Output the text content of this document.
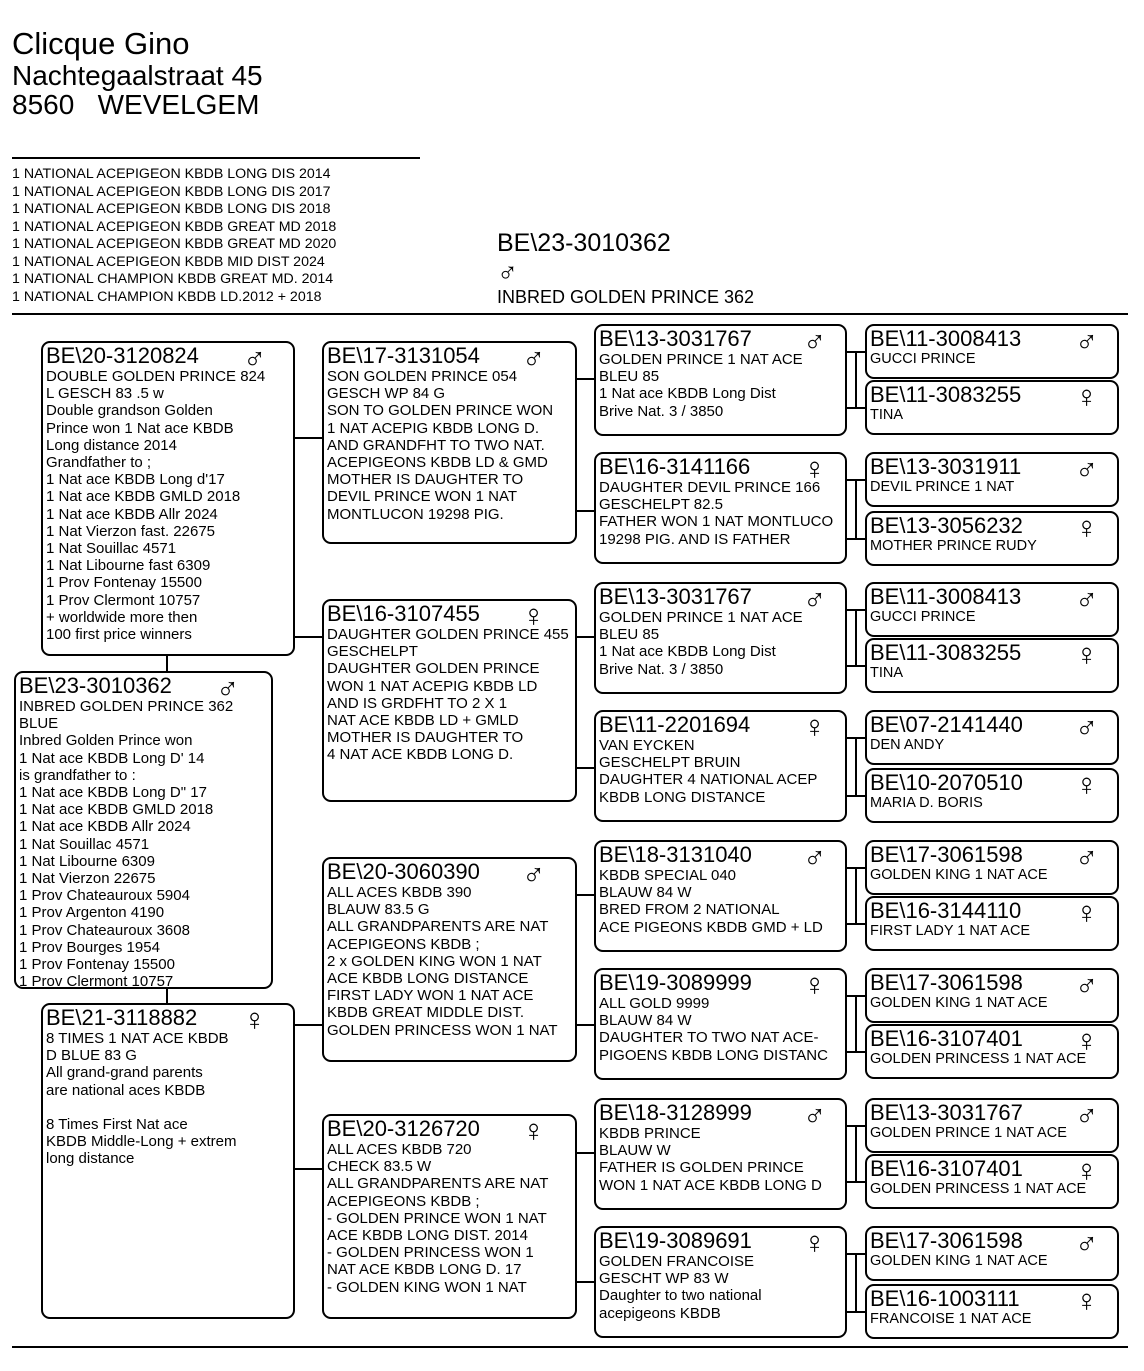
Clicque Gino
Nachtegaalstraat 45
8560   WEVELGEM
1 NATIONAL ACEPIGEON KBDB LONG DIS 2014
1 NATIONAL ACEPIGEON KBDB LONG DIS 2017
1 NATIONAL ACEPIGEON KBDB LONG DIS 2018
1 NATIONAL ACEPIGEON KBDB GREAT MD 2018
1 NATIONAL ACEPIGEON KBDB GREAT MD 2020
1 NATIONAL ACEPIGEON KBDB MID DIST 2024
1 NATIONAL CHAMPION KBDB GREAT MD. 2014
1 NATIONAL CHAMPION KBDB LD.2012 + 2018
BE\23-3010362
♂
INBRED GOLDEN PRINCE 362
BE\20-3120824	♂
DOUBLE GOLDEN PRINCE 824
L GESCH 83 .5 w
Double grandson Golden
Prince won 1 Nat ace KBDB
Long distance 2014
Grandfather to ;
1 Nat ace KBDB Long d'17
1 Nat ace KBDB GMLD 2018
1 Nat ace KBDB Allr 2024
1 Nat Vierzon fast. 22675
1 Nat Souillac 4571
1 Nat Libourne fast 6309
1 Prov Fontenay 15500
1 Prov Clermont 10757
+ worldwide more then
100 first price winners
BE\23-3010362	♂
INBRED GOLDEN PRINCE 362
BLUE
Inbred Golden Prince won
1 Nat ace KBDB Long D' 14
is grandfather to :
1 Nat ace KBDB Long D" 17
1 Nat ace KBDB GMLD 2018
1 Nat ace KBDB Allr 2024
1 Nat Souillac 4571
1 Nat Libourne 6309
1 Nat Vierzon 22675
1 Prov Chateauroux 5904
1 Prov Argenton 4190
1 Prov Chateauroux 3608
1 Prov Bourges 1954
1 Prov Fontenay 15500
1 Prov Clermont 10757
BE\21-3118882	♀
8 TIMES 1 NAT ACE KBDB
D BLUE 83 G
All grand-grand parents
are national aces KBDB
8 Times First Nat ace
KBDB Middle-Long + extrem
long distance
BE\17-3131054	♂
SON GOLDEN PRINCE 054
GESCH WP 84 G
SON TO GOLDEN PRINCE WON
1 NAT ACEPIG KBDB LONG D.
AND GRANDFHT TO TWO NAT.
ACEPIGEONS KBDB LD & GMD
MOTHER IS DAUGHTER TO
DEVIL PRINCE WON 1 NAT
MONTLUCON 19298 PIG.
BE\16-3107455	♀
DAUGHTER GOLDEN PRINCE 455
GESCHELPT
DAUGHTER GOLDEN PRINCE
WON 1 NAT ACEPIG KBDB LD
AND IS GRDFHT TO 2 X 1
NAT ACE KBDB LD + GMLD
MOTHER IS DAUGHTER TO
4 NAT ACE KBDB LONG D.
BE\20-3060390	♂
ALL ACES KBDB 390
BLAUW 83.5 G
ALL GRANDPARENTS ARE NAT
ACEPIGEONS KBDB ;
2 x GOLDEN KING WON 1 NAT
ACE KBDB LONG DISTANCE
FIRST LADY WON 1 NAT ACE
KBDB GREAT MIDDLE DIST.
GOLDEN PRINCESS WON 1 NAT
BE\20-3126720	♀
ALL ACES KBDB 720
CHECK 83.5 W
ALL GRANDPARENTS ARE NAT
ACEPIGEONS KBDB ;
- GOLDEN PRINCE WON 1 NAT
ACE KBDB LONG DIST. 2014
- GOLDEN PRINCESS WON 1
NAT ACE KBDB LONG D. 17
- GOLDEN KING WON 1 NAT
BE\13-3031767	♂
GOLDEN PRINCE 1 NAT ACE
BLEU 85
1 Nat ace KBDB Long Dist
Brive Nat. 3 / 3850
BE\16-3141166	♀
DAUGHTER DEVIL PRINCE 166
GESCHELPT 82.5
FATHER WON 1 NAT MONTLUCO
19298 PIG. AND IS FATHER
BE\13-3031767	♂
GOLDEN PRINCE 1 NAT ACE
BLEU 85
1 Nat ace KBDB Long Dist
Brive Nat. 3 / 3850
BE\11-2201694	♀
VAN EYCKEN
GESCHELPT BRUIN
DAUGHTER 4 NATIONAL ACEP
KBDB LONG DISTANCE
BE\18-3131040	♂
KBDB SPECIAL 040
BLAUW 84 W
BRED FROM 2 NATIONAL
ACE PIGEONS KBDB GMD + LD
BE\19-3089999	♀
ALL GOLD 9999
BLAUW 84 W
DAUGHTER TO TWO NAT ACE-
PIGOENS KBDB LONG DISTANC
BE\18-3128999	♂
KBDB PRINCE
BLAUW W
FATHER IS GOLDEN PRINCE
WON 1 NAT ACE KBDB LONG D
BE\19-3089691	♀
GOLDEN FRANCOISE
GESCHT WP 83 W
Daughter to two national
acepigeons KBDB
BE\11-3008413	♂
GUCCI PRINCE
BE\11-3083255	♀
TINA
BE\13-3031911	♂
DEVIL PRINCE 1 NAT
BE\13-3056232	♀
MOTHER PRINCE RUDY
BE\11-3008413	♂
GUCCI PRINCE
BE\11-3083255	♀
TINA
BE\07-2141440	♂
DEN ANDY
BE\10-2070510	♀
MARIA D. BORIS
BE\17-3061598	♂
GOLDEN KING 1 NAT ACE
BE\16-3144110	♀
FIRST LADY 1 NAT ACE
BE\17-3061598	♂
GOLDEN KING 1 NAT ACE
BE\16-3107401	♀
GOLDEN PRINCESS 1 NAT ACE
BE\13-3031767	♂
GOLDEN PRINCE 1 NAT ACE
BE\16-3107401	♀
GOLDEN PRINCESS 1 NAT ACE
BE\17-3061598	♂
GOLDEN KING 1 NAT ACE
BE\16-1003111	♀
FRANCOISE 1 NAT ACE
